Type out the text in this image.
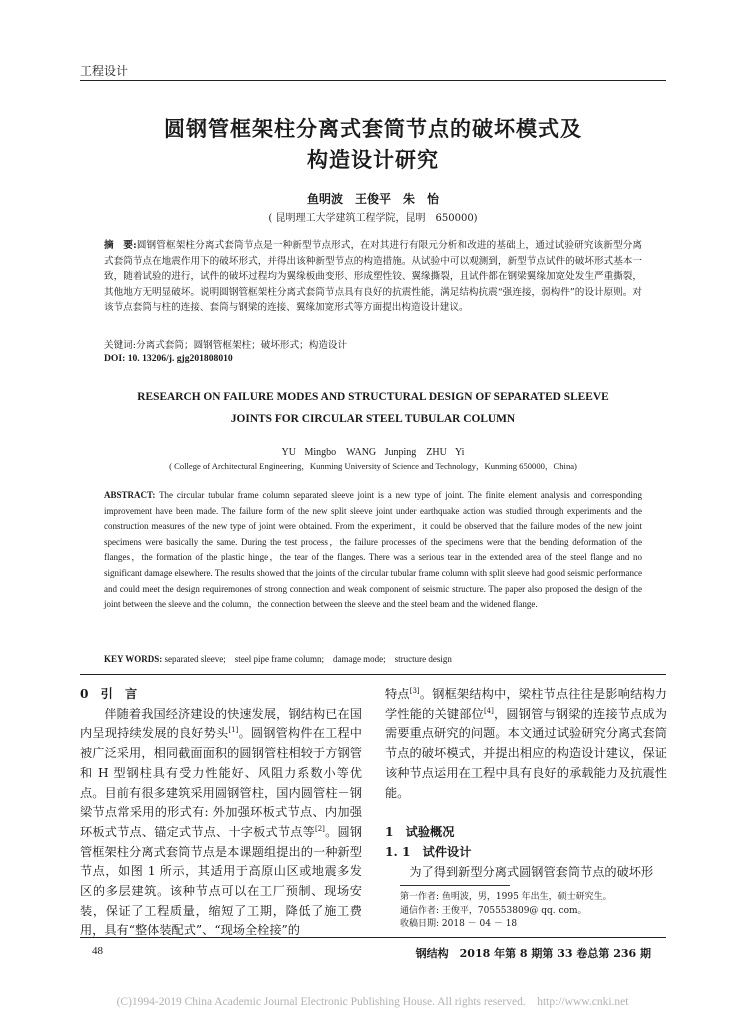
工程设计
圆钢管框架柱分离式套筒节点的破坏模式及
构造设计研究
鱼明波　王俊平　朱　怡
( 昆明理工大学建筑工程学院，昆明　650000)
摘　要:圆钢管框架柱分离式套筒节点是一种新型节点形式，在对其进行有限元分析和改进的基础上，通过试验研究该新型分离式套筒节点在地震作用下的破坏形式，并得出该种新型节点的构造措施。从试验中可以观测到，新型节点试件的破坏形式基本一致，随着试验的进行，试件的破坏过程均为翼缘板曲变形、形成塑性铰、翼缘撕裂，且试件都在钢梁翼缘加宽处发生严重撕裂，其他地方无明显破坏。说明圆钢管框架柱分离式套筒节点具有良好的抗震性能，满足结构抗震“强连接，弱构件”的设计原则。对该节点套筒与柱的连接、套筒与钢梁的连接、翼缘加宽形式等方面提出构造设计建议。
关键词:分离式套筒；圆钢管框架柱；破坏形式；构造设计
DOI: 10. 13206/j. gjg201808010
RESEARCH ON FAILURE MODES AND STRUCTURAL DESIGN OF SEPARATED SLEEVE
JOINTS FOR CIRCULAR STEEL TUBULAR COLUMN
YU Mingbo　WANG Junping　ZHU Yi
( College of Architectural Engineering，Kunming University of Science and Technology，Kunming 650000，China)
ABSTRACT: The circular tubular frame column separated sleeve joint is a new type of joint. The finite element analysis and corresponding improvement have been made. The failure form of the new split sleeve joint under earthquake action was studied through experiments and the construction measures of the new type of joint were obtained. From the experiment，it could be observed that the failure modes of the new joint specimens were basically the same. During the test process，the failure processes of the specimens were that the bending deformation of the flanges，the formation of the plastic hinge，the tear of the flanges. There was a serious tear in the extended area of the steel flange and no significant damage elsewhere. The results showed that the joints of the circular tubular frame column with split sleeve had good seismic performance and could meet the design requiremones of strong connection and weak component of seismic structure. The paper also proposed the design of the joint between the sleeve and the column，the connection between the sleeve and the steel beam and the widened flange.
KEY WORDS: separated sleeve;　steel pipe frame column;　damage mode;　structure design

0　引　言

伴随着我国经济建设的快速发展，钢结构已在国内呈现持续发展的良好势头[1]。圆钢管构件在工程中被广泛采用，相同截面面积的圆钢管柱相较于方钢管和 H 型钢柱具有受力性能好、风阻力系数小等优点。目前有很多建筑采用圆钢管柱，国内圆管柱－钢梁节点常采用的形式有: 外加强环板式节点、内加强环板式节点、锚定式节点、十字板式节点等[2]。圆钢管框架柱分离式套筒节点是本课题组提出的一种新型节点，如图 1 所示，其适用于高原山区或地震多发区的多层建筑。该种节点可以在工厂预制、现场安装，保证了工程质量，缩短了工期，降低了施工费用，具有“整体装配式”、“现场全栓接”的

特点[3]。钢框架结构中，梁柱节点往往是影响结构力学性能的关键部位[4]，圆钢管与钢梁的连接节点成为需要重点研究的问题。本文通过试验研究分离式套筒节点的破坏模式，并提出相应的构造设计建议，保证该种节点运用在工程中具有良好的承载能力及抗震性能。

1　试验概况

1. 1　试件设计

为了得到新型分离式圆钢管套筒节点的破坏形

第一作者: 鱼明波，男，1995 年出生，硕士研究生。
通信作者: 王俊平，705553809@ qq. com。
收稿日期: 2018 － 04 － 18
48	钢结构　2018 年第 8 期第 33 卷总第 236 期
(C)1994-2019 China Academic Journal Electronic Publishing House. All rights reserved.　http://www.cnki.net
